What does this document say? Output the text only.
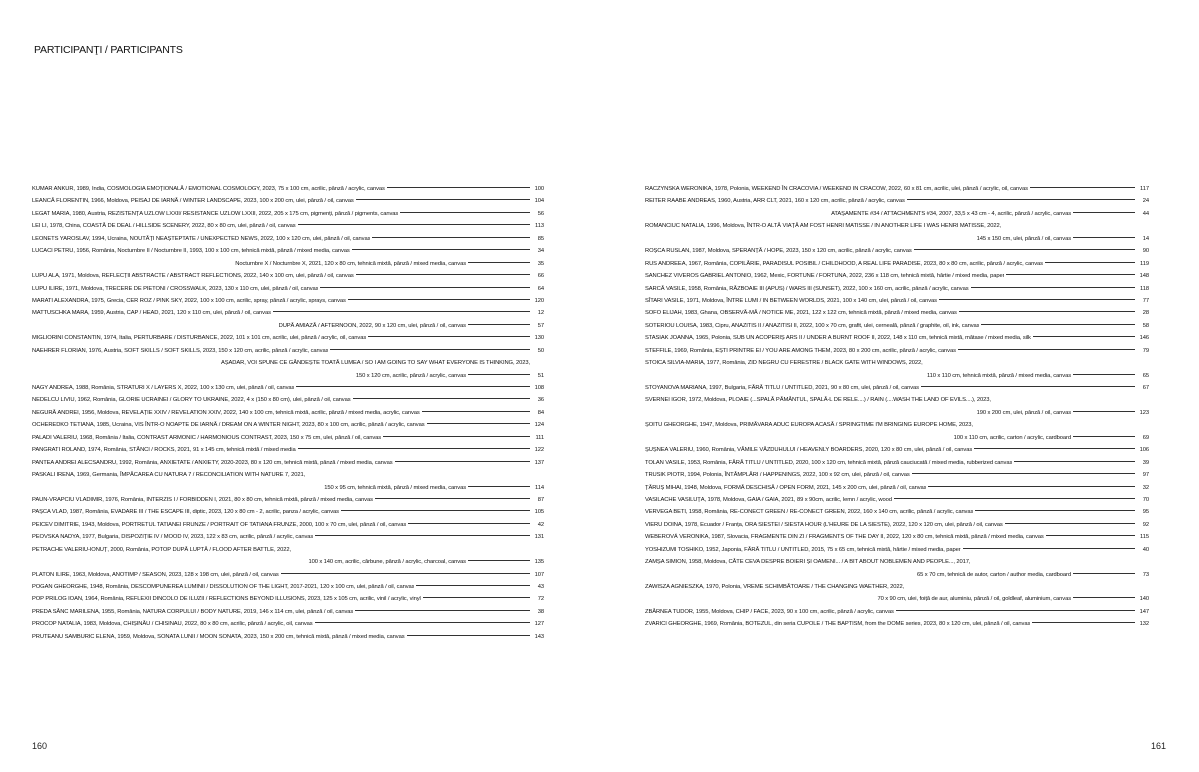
PARTICIPANŢI / PARTICIPANTS
KUMAR ANKUR, 1989, India, COSMOLOGIA EMOȚIONALĂ / EMOTIONAL COSMOLOGY, 2023, 75 x 100 cm, acrilic, pânză / acrylic, canvas	100
LEANCĂ FLORENTIN, 1966, Moldova, PEISAJ DE IARNĂ / WINTER LANDSCAPE, 2023, 100 x 200 cm, ulei, pânză / oil, canvas	104
LEGAT MARIA, 1980, Austria, REZISTENȚA UZLOW LXXII/ RESISTANCE UZLOW LXXII, 2022, 205 x 175 cm, pigmenți, pânză / pigments, canvas	56
LEI LI, 1978, China, COASTĂ DE DEAL / HILLSIDE SCENERY, 2022, 80 x 80 cm, ulei, pânză / oil, canvas	113
LEONETS YAROSLAV, 1994, Ucraina, NOUTĂȚI NEAȘTEPTATE / UNEXPECTED NEWS, 2022, 100 x 120 cm, ulei, pânză / oil, canvas	85
LUCACI PETRU, 1956, România, Nocturnbre II / Nocturnbre II, 1993, 100 x 100 cm, tehnică mixtă, pânză / mixed media, canvas	34
Nocturnbre X / Nocturnbre X, 2021, 120 x 80 cm, tehnică mixtă, pânză / mixed media, canvas	35
LUPU ALA, 1971, Moldova, REFLECȚII ABSTRACTE / ABSTRACT REFLECTIONS, 2022, 140 x 100 cm, ulei, pânză / oil, canvas	66
LUPU ILIRE, 1971, Moldova, TRECERE DE PIETONI / CROSSWALK, 2023, 130 x 110 cm, ulei, pânză / oil, canvas	64
MARATI ALEXANDRA, 1975, Grecia, CER ROZ / PINK SKY, 2022, 100 x 100 cm, acrilic, spray, pânză / acrylic, sprays, canvas	120
MATTUSCHKA MARA, 1959, Austria, CAP / HEAD, 2021, 120 x 110 cm, ulei, pânză / oil, canvas	12
DUPĂ AMIAZĂ / AFTERNOON, 2022, 90 x 120 cm, ulei, pânză / oil, canvas	57
MIGLIORINI CONSTANTIN, 1974, Italia, PERTURBARE / DISTURBANCE, 2022, 101 x 101 cm, acrilic, ulei, pânză / acrylic, oil, canvas	130
NAEHRER FLORIAN, 1976, Austria, SOFT SKILLS / SOFT SKILLS, 2023, 150 x 120 cm, acrilic, pânză / acrylic, canvas	50
AȘADAR, VOI SPUNE CE GÂNDEȘTE TOATĂ LUMEA / SO I AM GOING TO SAY WHAT EVERYONE IS THINKING, 2023,
150 x 120 cm, acrilic, pânză / acrylic, canvas	51
NAGY ANDREA, 1988, România, STRATURI X / LAYERS X, 2022, 100 x 130 cm, ulei, pânză / oil, canvas	108
NEDELCU LIVIU, 1962, România, GLORIE UCRAINEI / GLORY TO UKRAINE, 2022, 4 x (150 x 80 cm), ulei, pânză / oil, canvas	36
NEGURĂ ANDREI, 1956, Moldova, REVELAȚIE XXIV / REVELATION XXIV, 2022, 140 x 100 cm, tehnică mixtă, acrilic, pânză / mixed media, acrylic, canvas	84
OCHEREDKO TETIANA, 1985, Ucraina, VIS ÎNTR-O NOAPTE DE IARNĂ / DREAM ON A WINTER NIGHT, 2023, 80 x 100 cm, acrilic, pânză / acrylic, canvas	124
PALADI VALERIU, 1968, România / Italia, CONTRAST ARMONIC / HARMONIOUS CONTRAST, 2023, 150 x 75 cm, ulei, pânză / oil, canvas	111
PANGRATI ROLAND, 1974, România, STÂNCI / ROCKS, 2021, 91 x 145 cm, tehnică mixtă / mixed media	122
PANTEA ANDREI ALECSANDRU, 1992, România, ANXIETATE / ANXIETY, 2020-2023, 80 x 120 cm, tehnică mixtă, pânză / mixed media, canvas	137
PASKALI IRENA, 1969, Germania, ÎMPĂCAREA CU NATURA 7 / RECONCILIATION WITH NATURE 7, 2021,
150 x 95 cm, tehnică mixtă, pânză / mixed media, canvas	114
PAUN-VRAPCIU VLADIMIR, 1976, România, INTERZIS I / FORBIDDEN I, 2021, 80 x 80 cm, tehnică mixtă, pânză / mixed media, canvas	87
PAȘCA VLAD, 1987, România, EVADARE III / THE ESCAPE III, diptic, 2023, 120 x 80 cm - 2, acrilic, panza / acrylic, canvas	105
PEICEV DIMITRIE, 1943, Moldova, PORTRETUL TATIANEI FRUNZE / PORTRAIT OF TATIANA FRUNZE, 2000, 100 x 70 cm, ulei, pânză / oil, canvas	42
PEOVSKA NADYA, 1977, Bulgaria, DISPOZIȚIE IV / MOOD IV, 2023, 122 x 83 cm, acrilic, pânză / acrylic, canvas	131
PETRACHE VALERIU-IONUȚ, 2000, România, POTOP DUPĂ LUPTĂ / FLOOD AFTER BATTLE, 2022,
100 x 140 cm, acrilic, cărbune, pânză / acrylic, charcoal, canvas	135
PLATON ILIRE, 1963, Moldova, ANOTIMP / SEASON, 2023, 128 x 198 cm, ulei, pânză / oil, canvas	107
POGAN GHEORGHE, 1948, România, DESCOMPUNEREA LUMINII / DISSOLUTION OF THE LIGHT, 2017-2021, 120 x 100 cm, ulei, pânză / oil, canvas	43
POP PRILOG IOAN, 1964, România, REFLEXII DINCOLO DE ILUZII / REFLECTIONS BEYOND ILLUSIONS, 2023, 125 x 105 cm, acrilic, vinil / acrylic, vinyl	72
PREDA SÂNC MARILENA, 1955, România, NATURA CORPULUI / BODY NATURE, 2019, 146 x 114 cm, ulei, pânză / oil, canvas	38
PROCOP NATALIA, 1983, Moldova, CHIȘINĂU / CHISINAU, 2022, 80 x 80 cm, acrilic, pânză / acrylic, oil, canvas	127
PRUTEANU SAMBURIC ELENA, 1959, Moldova, SONATA LUNII / MOON SONATA, 2023, 150 x 200 cm, tehnică mixtă, pânză / mixed media, canvas	143
RACZYNSKA WERONIKA, 1978, Polonia, WEEKEND ÎN CRACOVIA / WEEKEND IN CRACOW, 2022, 60 x 81 cm, acrilic, ulei, pânză / acrylic, oil, canvas	117
REITER RAABE ANDREAS, 1960, Austria, ARR CLT, 2021, 160 x 120 cm, acrilic, pânză / acrylic, canvas	24
ATAȘAMENTE #34 / ATTACHMENTS #34, 2007, 33,5 x 43 cm - 4, acrilic, pânză / acrylic, canvas	44
ROMANCIUC NATALIA, 1996, Moldova, ÎNTR-O ALTĂ VIAȚĂ AM FOST HENRI MATISSE / IN ANOTHER LIFE I WAS HENRI MATISSE, 2022,
145 x 150 cm, ulei, pânză / oil, canvas	14
ROȘCA RUSLAN, 1987, Moldova, SPERANȚĂ / HOPE, 2023, 150 x 120 cm, acrilic, pânză / acrylic, canvas	90
RUS ANDREEA, 1967, România, COPILĂRIE, PARADISUL POSIBIL / CHILDHOOD, A REAL LIFE PARADISE, 2023, 80 x 80 cm, acrilic, pânză / acrylic, canvas	119
SANCHEZ VIVEROS GABRIEL ANTONIO, 1962, Mexic, FORTUNE / FORTUNA, 2022, 236 x 118 cm, tehnică mixtă, hârtie / mixed media, paper	148
SARCĂ VASILE, 1958, România, RĂZBOAIE III (APUS) / WARS III (SUNSET), 2022, 100 x 160 cm, acrilic, pânză / acrylic, canvas	118
SÎTARI VASILE, 1971, Moldova, ÎNTRE LUMI / IN BETWEEN WORLDS, 2021, 100 x 140 cm, ulei, pânză / oil, canvas	77
SOFO ELIJAH, 1983, Ghana, OBSERVĂ-MĂ / NOTICE ME, 2021, 122 x 122 cm, tehnică mixtă, pânză / mixed media, canvas	28
SOTERIOU LOUISA, 1983, Cipru, ANAZITIS II / ANAZITISI II, 2022, 100 x 70 cm, grafit, ulei, cerneală, pânză / graphite, oil, ink, canvas	58
STASIAK JOANNA, 1965, Polonia, SUB UN ACOPERIȘ ARS II / UNDER A BURNT ROOF II, 2022, 148 x 110 cm, tehnică mixtă, mătase / mixed media, silk	146
STEFFILE, 1969, România, EȘTI PRINTRE EI / YOU ARE AMONG THEM, 2023, 80 x 200 cm, acrilic, pânză / acrylic, canvas	79
STOICA SILVIA-MARIA, 1977, România, ZID NEGRU CU FERESTRE / BLACK GATE WITH WINDOWS, 2022,
110 x 110 cm, tehnică mixtă, pânză / mixed media, canvas	65
STOYANOVA MARIANA, 1997, Bulgaria, FĂRĂ TITLU / UNTITLED, 2021, 90 x 80 cm, ulei, pânză / oil, canvas	67
SVERNEI IGOR, 1972, Moldova, PLOAIE (...SPALĂ PĂMÂNTUL, SPALĂ-L DE RELE....) / RAIN (....WASH THE LAND OF EVILS....), 2023,
190 x 200 cm, ulei, pânză / oil, canvas	123
ȘOITU GHEORGHE, 1947, Moldova, PRIMĂVARA ADUC EUROPA ACASĂ / SPRINGTIME I'M BRINGING EUROPE HOME, 2023,
100 x 110 cm, acrilic, carton / acrylic, cardboard	69
ȘUȘNEA VALERIU, 1960, România, VÂMILE VĂZDUHULUI / HEAVENLY BOARDERS, 2020, 120 x 80 cm, ulei, pânză / oil, canvas	106
TOLAN VASILE, 1953, România, FĂRĂ TITLU / UNTITLED, 2020, 100 x 120 cm, tehnică mixtă, pânză cauciucată / mixed media, rubberized canvas	39
TRUSIK PIOTR, 1994, Polonia, ÎNTÂMPLĂRI / HAPPENINGS, 2022, 100 x 92 cm, ulei, pânză / oil, canvas	97
ȚĂRUȘ MIHAI, 1948, Moldova, FORMĂ DESCHISĂ / OPEN FORM, 2021, 145 x 200 cm, ulei, pânză / oil, canvas	32
VASILACHE VASILUȚA, 1978, Moldova, GAIA / GAIA, 2021, 89 x 90cm, acrilic, lemn / acrylic, wood	70
VERVEGA BETI, 1958, România, RE-CONECT GREEN / RE-CONECT GREEN, 2022, 160 x 140 cm, acrilic, pânză / acrylic, canvas	95
VIERU DOINA, 1978, Ecuador / Franța, ORA SIESTEI / SIESTA HOUR (L'HEURE DE LA SIESTE), 2022, 120 x 120 cm, ulei, pânză / oil, canvas	92
WEBEROVÁ VERONIKA, 1987, Slovacia, FRAGMENTE DIN ZI / FRAGMENTS OF THE DAY II, 2022, 120 x 80 cm, tehnică mixtă, pânză / mixed media, canvas	115
YOSHIZUMI TOSHIKO, 1952, Japonia, FĂRĂ TITLU / UNTITLED, 2015, 75 x 65 cm, tehnică mixtă, hârtie / mixed media, paper	40
ZAMȘA SIMION, 1958, Moldova, CÂTE CEVA DESPRE BOIERI ȘI OAMENI... / A BIT ABOUT NOBLEMEN AND PEOPLE..., 2017,
65 x 70 cm, tehnică de autor, carton / author media, cardboard	73
ZAWISZA AGNIESZKA, 1970, Polonia, VREME SCHIMBĂTOARE / THE CHANGING WAETHER, 2022,
70 x 90 cm, ulei, foiță de aur, aluminiu, pânză / oil, goldleaf, aluminium, canvas	140
ZBÂRNEA TUDOR, 1955, Moldova, CHIP / FACE, 2023, 90 x 100 cm, acrilic, pânză / acrylic, canvas	147
ZVARICI GHEORGHE, 1969, România, BOTEZUL, din seria CUPOLE / THE BAPTISM, from the DOME series, 2023, 80 x 120 cm, ulei, pânză / oil, canvas	132
160	161
